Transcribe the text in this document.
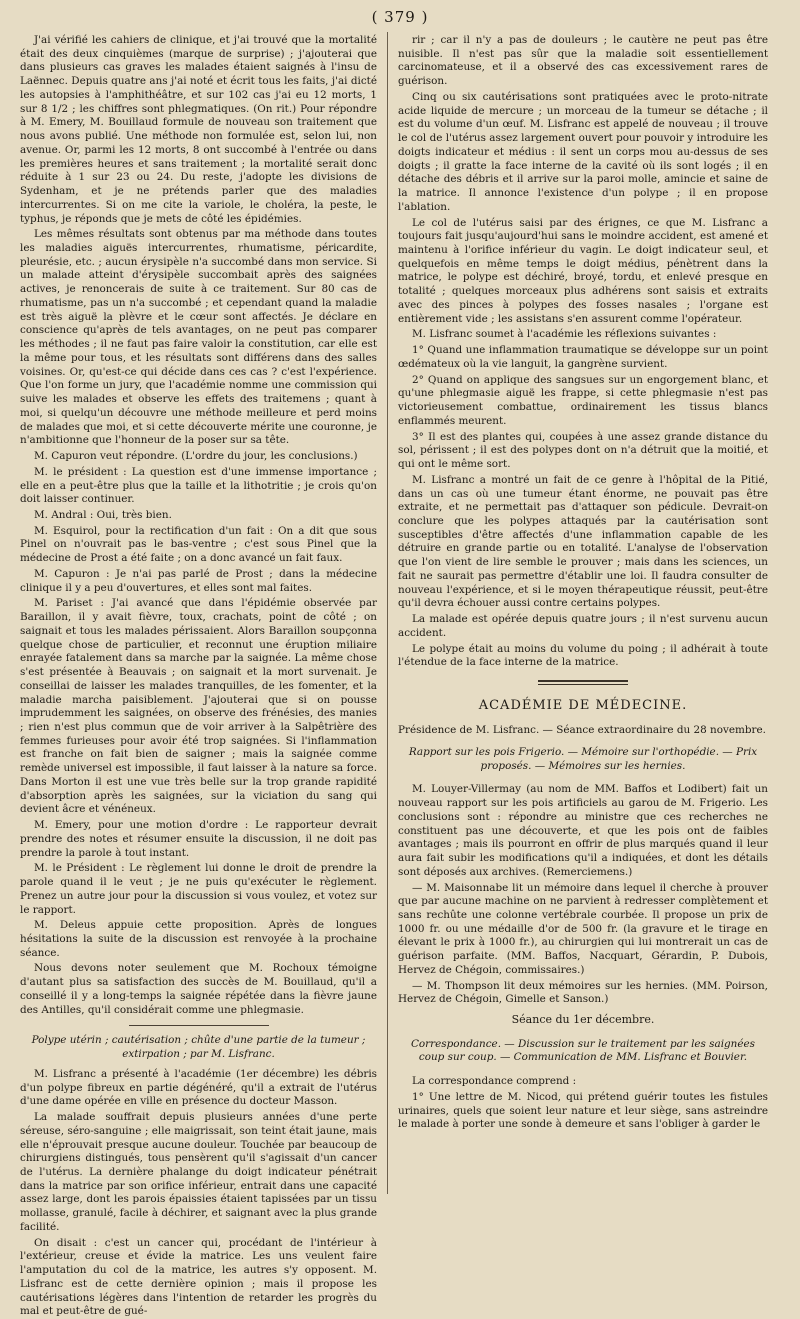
( 379 )

J'ai vérifié les cahiers de clinique, et j'ai trouvé que la mortalité était des deux cinquièmes (marque de surprise) ; j'ajouterai que dans plusieurs cas graves les malades étaient saignés à l'insu de Laënnec. Depuis quatre ans j'ai noté et écrit tous les faits, j'ai dicté les autopsies à l'amphithéâtre, et sur 102 cas j'ai eu 12 morts, 1 sur 8 1/2 ; les chiffres sont phlegmatiques. (On rit.) Pour répondre à M. Emery, M. Bouillaud formule de nouveau son traitement que nous avons publié. Une méthode non formulée est, selon lui, non avenue. Or, parmi les 12 morts, 8 ont succombé à l'entrée ou dans les premières heures et sans traitement ; la mortalité serait donc réduite à 1 sur 23 ou 24. Du reste, j'adopte les divisions de Sydenham, et je ne prétends parler que des maladies intercurrentes. Si on me cite la variole, le choléra, la peste, le typhus, je réponds que je mets de côté les épidémies.

Les mêmes résultats sont obtenus par ma méthode dans toutes les maladies aiguës intercurrentes, rhumatisme, péricardite, pleurésie, etc. ; aucun érysipèle n'a succombé dans mon service. Si un malade atteint d'érysipèle succombait après des saignées actives, je renoncerais de suite à ce traitement. Sur 80 cas de rhumatisme, pas un n'a succombé ; et cependant quand la maladie est très aiguë la plèvre et le cœur sont affectés. Je déclare en conscience qu'après de tels avantages, on ne peut pas comparer les méthodes ; il ne faut pas faire valoir la constitution, car elle est la même pour tous, et les résultats sont différens dans des salles voisines. Or, qu'est-ce qui décide dans ces cas ? c'est l'expérience. Que l'on forme un jury, que l'académie nomme une commission qui suive les malades et observe les effets des traitemens ; quant à moi, si quelqu'un découvre une méthode meilleure et perd moins de malades que moi, et si cette découverte mérite une couronne, je n'ambitionne que l'honneur de la poser sur sa tête.

M. Capuron veut répondre. (L'ordre du jour, les conclusions.)

M. le président : La question est d'une immense importance ; elle en a peut-être plus que la taille et la lithotritie ; je crois qu'on doit laisser continuer.

M. Andral : Oui, très bien.

M. Esquirol, pour la rectification d'un fait : On a dit que sous Pinel on n'ouvrait pas le bas-ventre ; c'est sous Pinel que la médecine de Prost a été faite ; on a donc avancé un fait faux.

M. Capuron : Je n'ai pas parlé de Prost ; dans la médecine clinique il y a peu d'ouvertures, et elles sont mal faites.

M. Pariset : J'ai avancé que dans l'épidémie observée par Baraillon, il y avait fièvre, toux, crachats, point de côté ; on saignait et tous les malades périssaient. Alors Baraillon soupçonna quelque chose de particulier, et reconnut une éruption miliaire enrayée fatalement dans sa marche par la saignée. La même chose s'est présentée à Beauvais ; on saignait et la mort survenait. Je conseillai de laisser les malades tranquilles, de les fomenter, et la maladie marcha paisiblement. J'ajouterai que si on pousse imprudemment les saignées, on observe des frénésies, des manies ; rien n'est plus commun que de voir arriver à la Salpêtrière des femmes furieuses pour avoir été trop saignées. Si l'inflammation est franche on fait bien de saigner ; mais la saignée comme remède universel est impossible, il faut laisser à la nature sa force. Dans Morton il est une vue très belle sur la trop grande rapidité d'absorption après les saignées, sur la viciation du sang qui devient âcre et vénéneux.

M. Emery, pour une motion d'ordre : Le rapporteur devrait prendre des notes et résumer ensuite la discussion, il ne doit pas prendre la parole à tout instant.

M. le Président : Le règlement lui donne le droit de prendre la parole quand il le veut ; je ne puis qu'exécuter le règlement. Prenez un autre jour pour la discussion si vous voulez, et votez sur le rapport.

M. Deleus appuie cette proposition. Après de longues hésitations la suite de la discussion est renvoyée à la prochaine séance.

Nous devons noter seulement que M. Rochoux témoigne d'autant plus sa satisfaction des succès de M. Bouillaud, qu'il a conseillé il y a long-temps la saignée répétée dans la fièvre jaune des Antilles, qu'il considérait comme une phlegmasie.

Polype utérin ; cautérisation ; chûte d'une partie de la tumeur ; extirpation ; par M. Lisfranc.

M. Lisfranc a présenté à l'académie (1er décembre) les débris d'un polype fibreux en partie dégénéré, qu'il a extrait de l'utérus d'une dame opérée en ville en présence du docteur Masson.

La malade souffrait depuis plusieurs années d'une perte séreuse, séro-sanguine ; elle maigrissait, son teint était jaune, mais elle n'éprouvait presque aucune douleur. Touchée par beaucoup de chirurgiens distingués, tous pensèrent qu'il s'agissait d'un cancer de l'utérus. La dernière phalange du doigt indicateur pénétrait dans la matrice par son orifice inférieur, entrait dans une capacité assez large, dont les parois épaissies étaient tapissées par un tissu mollasse, granulé, facile à déchirer, et saignant avec la plus grande facilité.

On disait : c'est un cancer qui, procédant de l'intérieur à l'extérieur, creuse et évide la matrice. Les uns veulent faire l'amputation du col de la matrice, les autres s'y opposent. M. Lisfranc est de cette dernière opinion ; mais il propose les cautérisations légères dans l'intention de retarder les progrès du mal et peut-être de gué-

rir ; car il n'y a pas de douleurs ; le cautère ne peut pas être nuisible. Il n'est pas sûr que la maladie soit essentiellement carcinomateuse, et il a observé des cas excessivement rares de guérison.

Cinq ou six cautérisations sont pratiquées avec le proto-nitrate acide liquide de mercure ; un morceau de la tumeur se détache ; il est du volume d'un œuf. M. Lisfranc est appelé de nouveau ; il trouve le col de l'utérus assez largement ouvert pour pouvoir y introduire les doigts indicateur et médius : il sent un corps mou au-dessus de ses doigts ; il gratte la face interne de la cavité où ils sont logés ; il en détache des débris et il arrive sur la paroi molle, amincie et saine de la matrice. Il annonce l'existence d'un polype ; il en propose l'ablation.

Le col de l'utérus saisi par des érignes, ce que M. Lisfranc a toujours fait jusqu'aujourd'hui sans le moindre accident, est amené et maintenu à l'orifice inférieur du vagin. Le doigt indicateur seul, et quelquefois en même temps le doigt médius, pénètrent dans la matrice, le polype est déchiré, broyé, tordu, et enlevé presque en totalité ; quelques morceaux plus adhérens sont saisis et extraits avec des pinces à polypes des fosses nasales ; l'organe est entièrement vide ; les assistans s'en assurent comme l'opérateur.

M. Lisfranc soumet à l'académie les réflexions suivantes :

1° Quand une inflammation traumatique se développe sur un point œdémateux où la vie languit, la gangrène survient.

2° Quand on applique des sangsues sur un engorgement blanc, et qu'une phlegmasie aiguë les frappe, si cette phlegmasie n'est pas victorieusement combattue, ordinairement les tissus blancs enflammés meurent.

3° Il est des plantes qui, coupées à une assez grande distance du sol, périssent ; il est des polypes dont on n'a détruit que la moitié, et qui ont le même sort.

M. Lisfranc a montré un fait de ce genre à l'hôpital de la Pitié, dans un cas où une tumeur étant énorme, ne pouvait pas être extraite, et ne permettait pas d'attaquer son pédicule. Devrait-on conclure que les polypes attaqués par la cautérisation sont susceptibles d'être affectés d'une inflammation capable de les détruire en grande partie ou en totalité. L'analyse de l'observation que l'on vient de lire semble le prouver ; mais dans les sciences, un fait ne saurait pas permettre d'établir une loi. Il faudra consulter de nouveau l'expérience, et si le moyen thérapeutique réussit, peut-être qu'il devra échouer aussi contre certains polypes.

La malade est opérée depuis quatre jours ; il n'est survenu aucun accident.

Le polype était au moins du volume du poing ; il adhérait à toute l'étendue de la face interne de la matrice.

ACADÉMIE DE MÉDECINE.

Présidence de M. Lisfranc. — Séance extraordinaire du 28 novembre.

Rapport sur les pois Frigerio. — Mémoire sur l'orthopédie. — Prix proposés. — Mémoires sur les hernies.

M. Louyer-Villermay (au nom de MM. Baffos et Lodibert) fait un nouveau rapport sur les pois artificiels au garou de M. Frigerio. Les conclusions sont : répondre au ministre que ces recherches ne constituent pas une découverte, et que les pois ont de faibles avantages ; mais ils pourront en offrir de plus marqués quand il leur aura fait subir les modifications qu'il a indiquées, et dont les détails sont déposés aux archives. (Remerciemens.)

— M. Maisonnabe lit un mémoire dans lequel il cherche à prouver que par aucune machine on ne parvient à redresser complètement et sans rechûte une colonne vertébrale courbée. Il propose un prix de 1000 fr. ou une médaille d'or de 500 fr. (la gravure et le tirage en élevant le prix à 1000 fr.), au chirurgien qui lui montrerait un cas de guérison parfaite. (MM. Baffos, Nacquart, Gérardin, P. Dubois, Hervez de Chégoin, commissaires.)

— M. Thompson lit deux mémoires sur les hernies. (MM. Poirson, Hervez de Chégoin, Gimelle et Sanson.)

Séance du 1er décembre.

Correspondance. — Discussion sur le traitement par les saignées coup sur coup. — Communication de MM. Lisfranc et Bouvier.

La correspondance comprend :

1° Une lettre de M. Nicod, qui prétend guérir toutes les fistules urinaires, quels que soient leur nature et leur siège, sans astreindre le malade à porter une sonde à demeure et sans l'obliger à garder le
